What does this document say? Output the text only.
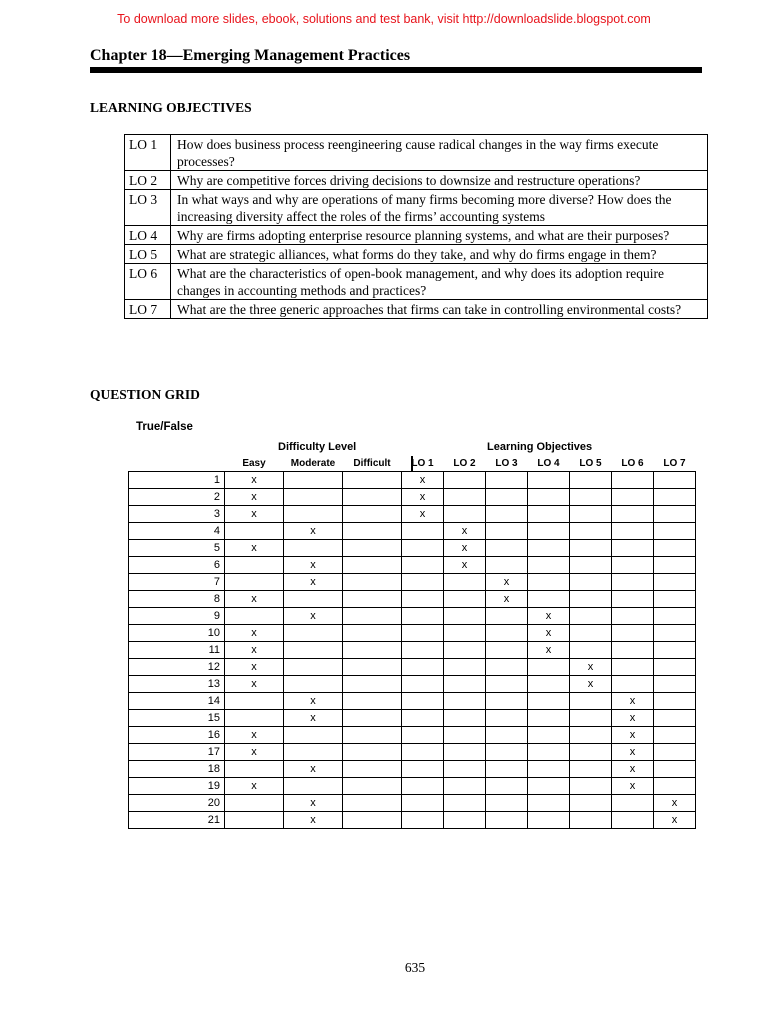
To download more slides, ebook, solutions and test bank, visit http://downloadslide.blogspot.com
Chapter 18—Emerging Management Practices
LEARNING OBJECTIVES
LO 1	How does business process reengineering cause radical changes in the way firms execute processes?
LO 2	Why are competitive forces driving decisions to downsize and restructure operations?
LO 3	In what ways and why are operations of many firms becoming more diverse? How does the increasing diversity affect the roles of the firms’ accounting systems
LO 4	Why are firms adopting enterprise resource planning systems, and what are their purposes?
LO 5	What are strategic alliances, what forms do they take, and why do firms engage in them?
LO 6	What are the characteristics of open-book management, and why does its adoption require changes in accounting methods and practices?
LO 7	What are the three generic approaches that firms can take in controlling environmental costs?
QUESTION GRID
True/False
Difficulty Level	Learning Objectives
	Easy	Moderate	Difficult	LO 1	LO 2	LO 3	LO 4	LO 5	LO 6	LO 7
1	x			x						
2	x			x						
3	x			x						
4		x			x					
5	x				x					
6		x			x					
7		x				x				
8	x					x				
9		x					x			
10	x						x			
11	x						x			
12	x							x		
13	x							x		
14		x							x	
15		x							x	
16	x								x	
17	x								x	
18		x							x	
19	x								x	
20		x								x
21		x								x
635
